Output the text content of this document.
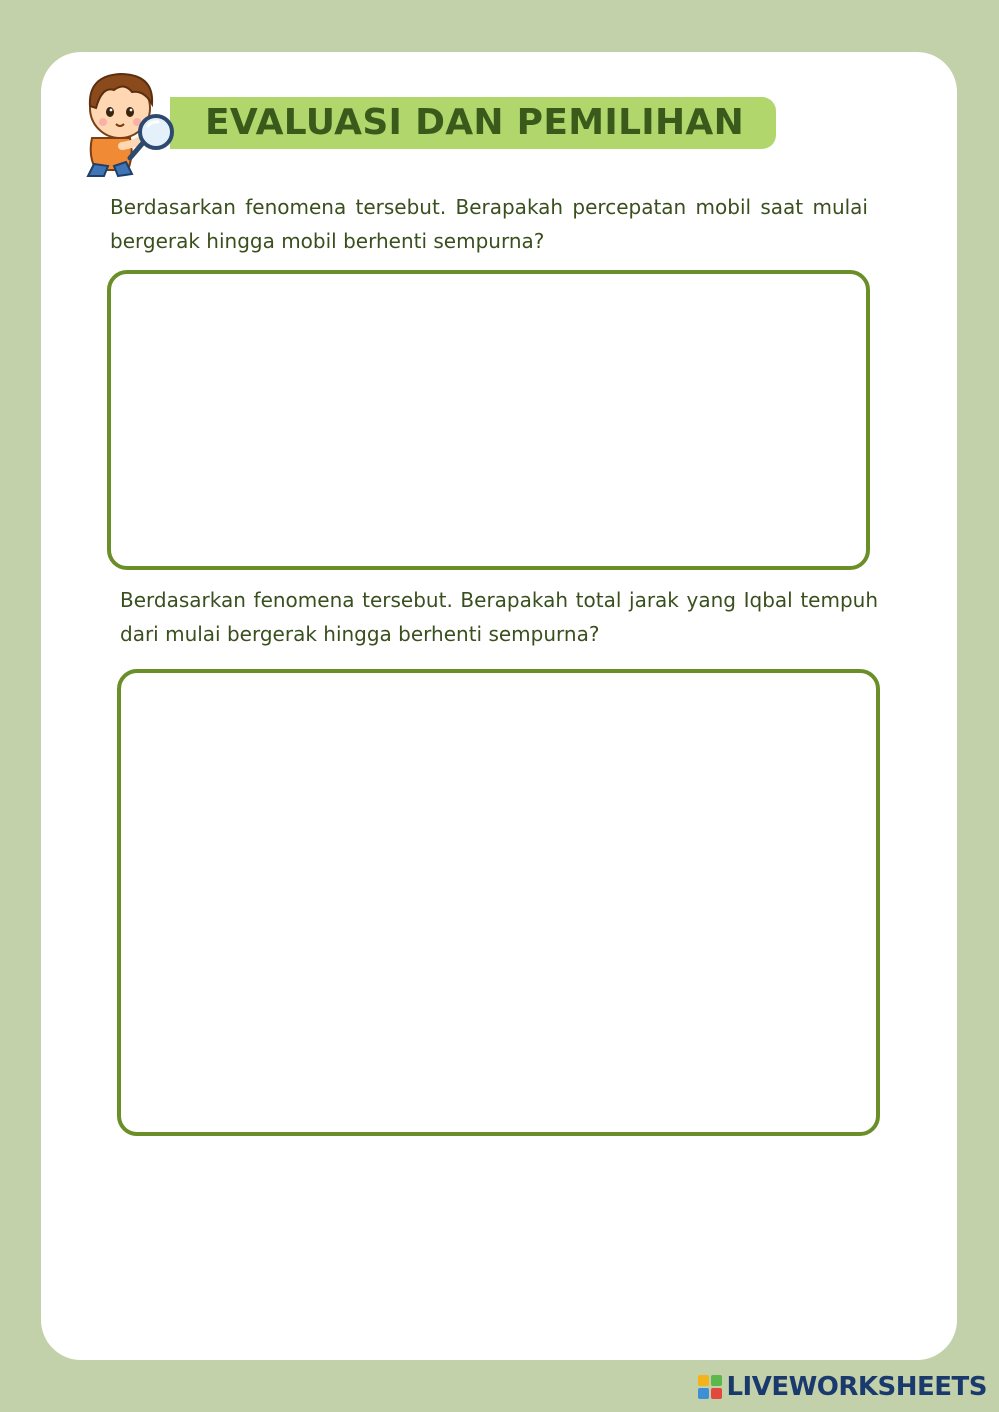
EVALUASI DAN PEMILIHAN
Berdasarkan fenomena tersebut. Berapakah percepatan mobil saat mulai bergerak hingga mobil berhenti sempurna?
Berdasarkan fenomena tersebut. Berapakah total jarak yang Iqbal tempuh dari mulai bergerak hingga berhenti sempurna?
LIVEWORKSHEETS
